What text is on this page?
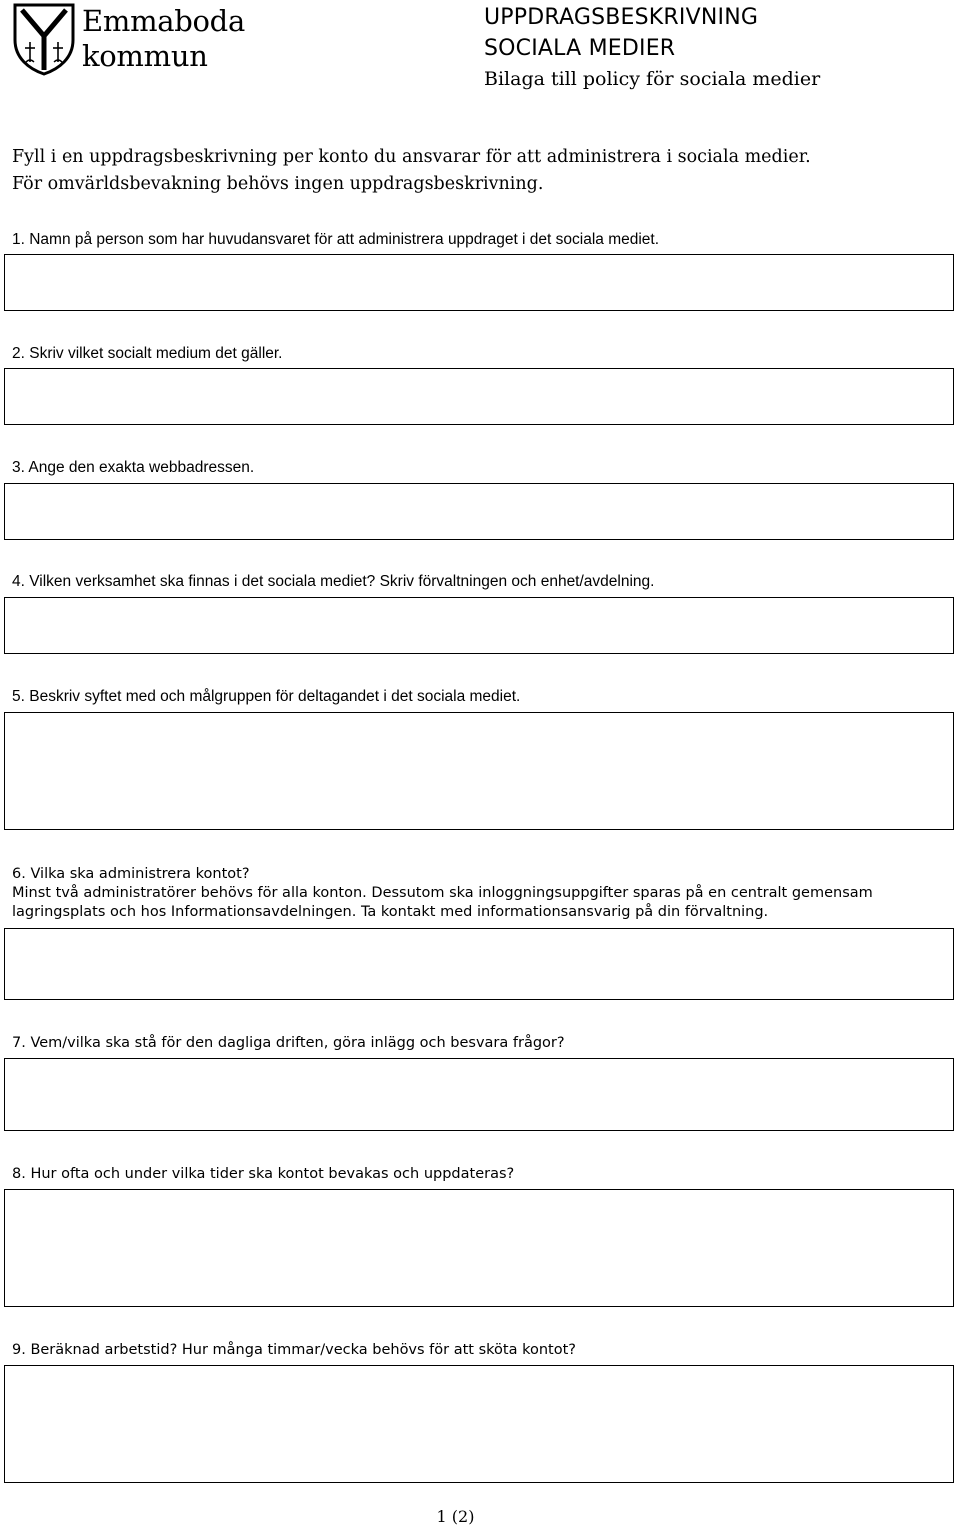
Emmaboda
kommun
UPPDRAGSBESKRIVNING
SOCIALA MEDIER
Bilaga till policy för sociala medier
Fyll i en uppdragsbeskrivning per konto du ansvarar för att administrera i sociala medier.
För omvärldsbevakning behövs ingen uppdragsbeskrivning.
1. Namn på person som har huvudansvaret för att administrera uppdraget i det sociala mediet.
2. Skriv vilket socialt medium det gäller.
3. Ange den exakta webbadressen.
4. Vilken verksamhet ska finnas i det sociala mediet? Skriv förvaltningen och enhet/avdelning.
5. Beskriv syftet med och målgruppen för deltagandet i det sociala mediet.
6. Vilka ska administrera kontot?
Minst två administratörer behövs för alla konton. Dessutom ska inloggningsuppgifter sparas på en centralt gemensam
lagringsplats och hos Informationsavdelningen. Ta kontakt med informationsansvarig på din förvaltning.
7. Vem/vilka ska stå för den dagliga driften, göra inlägg och besvara frågor?
8. Hur ofta och under vilka tider ska kontot bevakas och uppdateras?
9. Beräknad arbetstid? Hur många timmar/vecka behövs för att sköta kontot?
1 (2)
